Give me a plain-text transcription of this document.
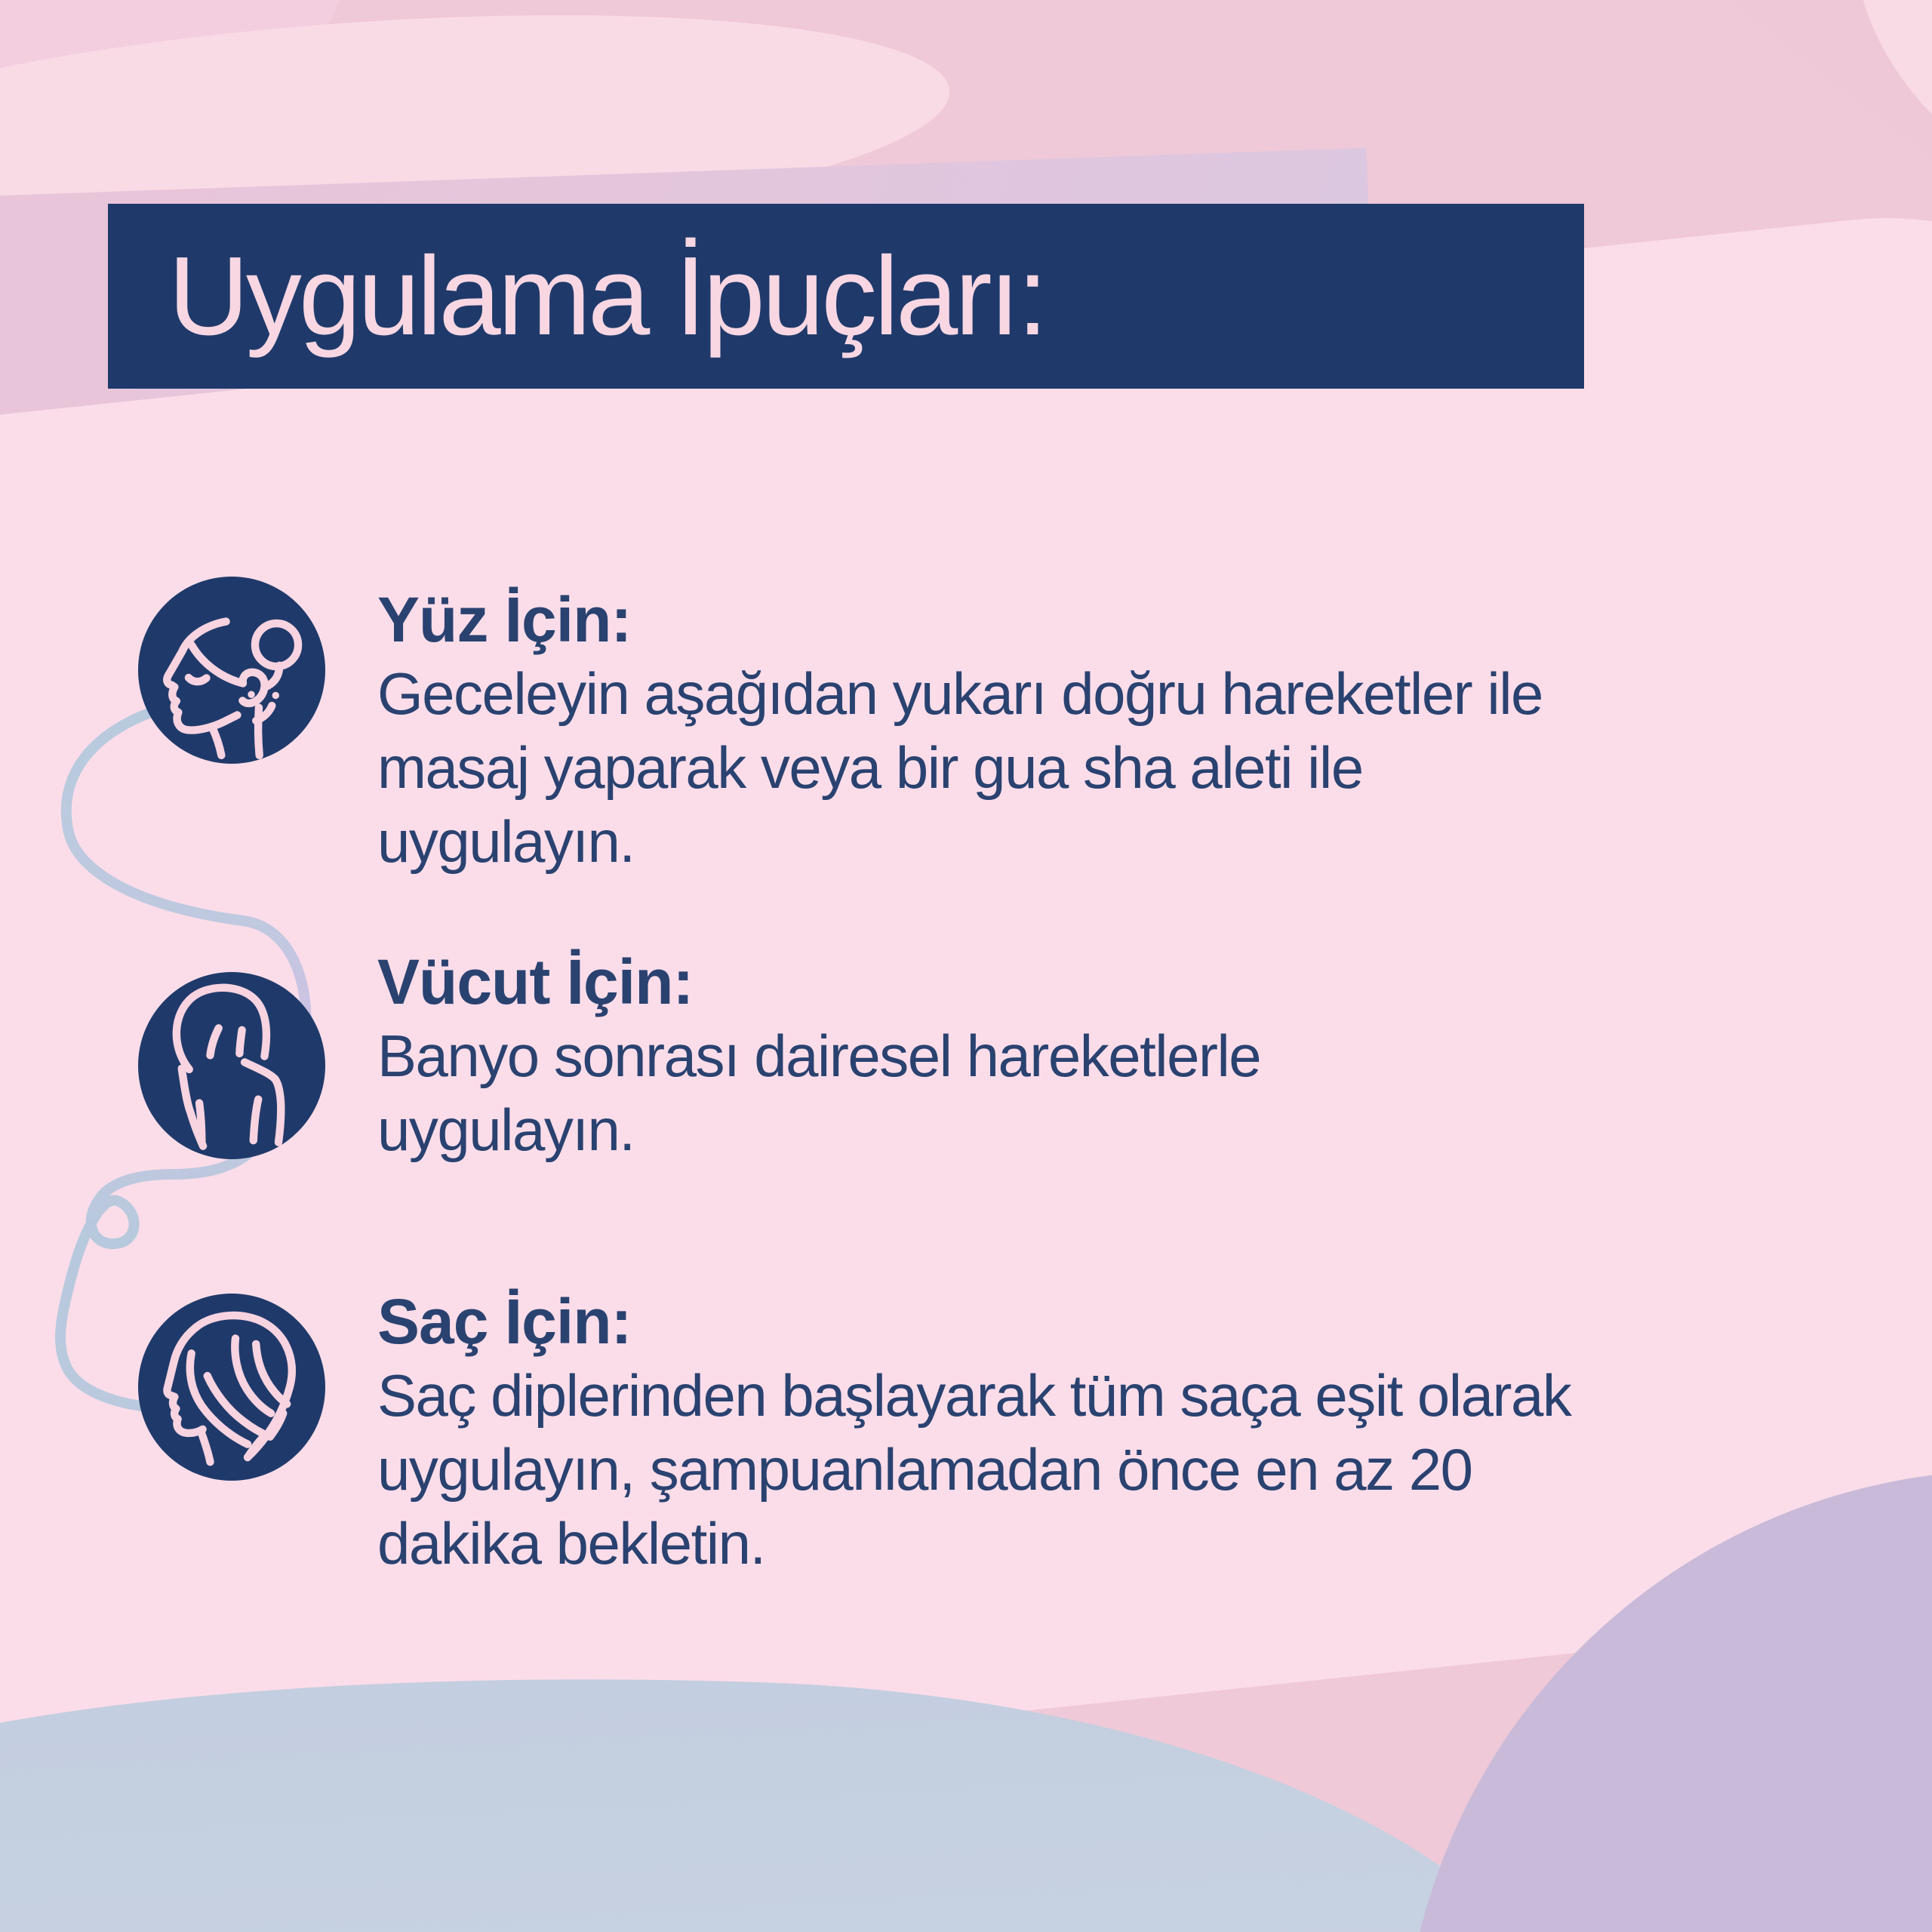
Uygulama İpuçları:
Yüz İçin:
Geceleyin aşağıdan yukarı doğru hareketler ile
masaj yaparak veya bir gua sha aleti ile
uygulayın.
Vücut İçin:
Banyo sonrası dairesel hareketlerle
uygulayın.
Saç İçin:
Saç diplerinden başlayarak tüm saça eşit olarak
uygulayın, şampuanlamadan önce en az 20
dakika bekletin.
